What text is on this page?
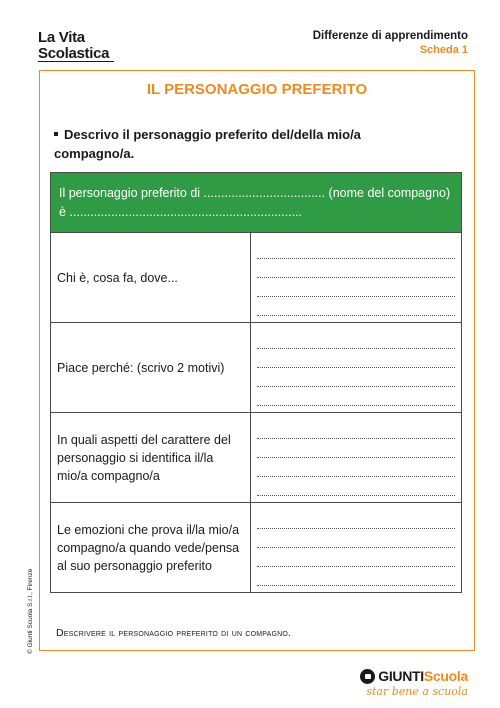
La Vita
Scolastica
Differenze di apprendimento
Scheda 1
IL PERSONAGGIO PREFERITO
Descrivo il personaggio preferito del/della mio/a compagno/a.
Il personaggio preferito di ................................... (nome del compagno) è ...................................................................	
Chi è, cosa fa, dove...	

Piace perché: (scrivo 2 motivi)	

In quali aspetti del carattere del personaggio si identifica il/la mio/a compagno/a	

Le emozioni che prova il/la mio/a compagno/a quando vede/pensa al suo personaggio preferito	
Descrivere il personaggio preferito di un compagno.
© Giunti Scuola S.r.l., Firenze
GIUNTI Scuola
star bene a scuola
